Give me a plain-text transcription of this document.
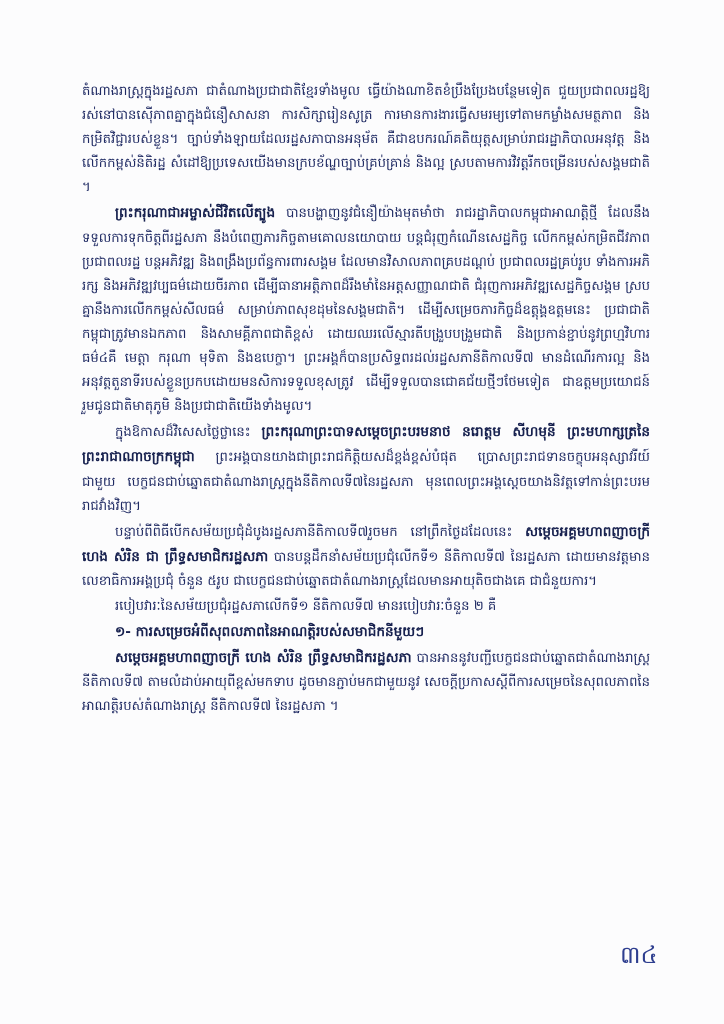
តំណាងរាស្ត្រក្នុងរដ្ឋសភា ជាតំណាងប្រជាជាតិខ្មែរទាំងមូល ធ្វើយ៉ាងណាខិតខំប្រឹងប្រែងបន្ថែមទៀត ជួយប្រជាពលរដ្ឋឱ្យរស់នៅបានស៊ើភាពគ្នាក្នុងជំនឿសាសនា ការសិក្សារៀនសូត្រ ការមានការងារធ្វើសមរម្យទៅតាមកម្លាំងសមត្ថភាព និងកម្រិតវិជ្ជារបស់ខ្លួន។ ច្បាប់ទាំងឡាយដែលរដ្ឋសភាបានអនុម័ត គឺជាឧបករណ៍គតិយុត្តសម្រាប់រាជរដ្ឋាភិបាលអនុវត្ត និងលើកកម្ពស់និតិរដ្ឋ សំដៅឱ្យប្រទេសយើងមានក្របខ័ណ្ឌច្បាប់គ្រប់គ្រាន់ និងល្អ ស្របតាមការវិវត្តរីកចម្រើនរបស់សង្គមជាតិ ។

ព្រះករុណាជាអម្ចាស់ជីវិតលើត្បូង បានបង្ហាញនូវជំនឿយ៉ាងមុតមាំថា រាជរដ្ឋាភិបាលកម្ពុជាអាណត្តិថ្មី ដែលនឹងទទួលការទុកចិត្តពីរដ្ឋសភា នឹងបំពេញភារកិច្ចតាមគោលនយោបាយ បន្តជំរុញកំណើនសេដ្ឋកិច្ច លើកកម្ពស់កម្រិតជីវភាពប្រជាពលរដ្ឋ បន្តអភិវឌ្ឍ និងពង្រឹងប្រព័ន្ធការពារសង្គម ដែលមានវិសាលភាពគ្របដណ្តប់ ប្រជាពលរដ្ឋគ្រប់រូប ទាំងការអភិរក្ស និងអភិវឌ្ឍវប្បធម៌ដោយចីរភាព ដើម្បីធានាអត្តិភាពដ៏រឹងមាំនៃអត្តសញ្ញាណជាតិ ជំរុញការអភិវឌ្ឍសេដ្ឋកិច្ចសង្គម ស្របគ្នានឹងការលើកកម្ពស់សីលធម៌ សម្រាប់ភាពសុខដុមនៃសង្គមជាតិ។ ដើម្បីសម្រេចភារកិច្ចដ៏ឧត្តុង្គឧត្តមនេះ ប្រជាជាតិកម្ពុជាត្រូវមានឯកភាព និងសាមគ្គីភាពជាតិខ្ពស់ ដោយឈរលើស្មារតីបង្រួបបង្រួមជាតិ និងប្រកាន់ខ្ជាប់នូវព្រហ្មវិហារធម៌៤គឺ មេត្តា ករុណា មុទិតា និងឧបេក្ខា។ ព្រះអង្គក៏បានប្រសិទ្ធពរដល់រដ្ឋសភានីតិកាលទី៧ មានដំណើរការល្អ និងអនុវត្តតួនាទីរបស់ខ្លួនប្រកបដោយមនសិការទទួលខុសត្រូវ ដើម្បីទទួលបានជោគជ័យថ្មីៗថែមទៀត ជាឧត្តមប្រយោជន៍រួមជូនជាតិមាតុភូមិ និងប្រជាជាតិយើងទាំងមូល។

ក្នុងឱកាសដ៏វិសេសថ្លៃថ្លានេះ ព្រះករុណាព្រះបាទសម្តេចព្រះបរមនាថ នរោត្តម សីហមុនី ព្រះមហាក្សត្រនៃព្រះរាជាណាចក្រកម្ពុជា ព្រះអង្គបានយាងជាព្រះរាជកិត្តិយសដ៏ខ្ពង់ខ្ពស់បំផុត ប្រោសព្រះរាជទានចក្ខុបអនុស្សាវរីយ៍ជាមួយ បេក្ខជនជាប់ឆ្នោតជាតំណាងរាស្ត្រក្នុងនីតិកាលទី៧នៃរដ្ឋសភា មុនពេលព្រះអង្គស្តេចយាងនិវត្តទៅកាន់ព្រះបរមរាជវាំងវិញ។

បន្ទាប់ពីពិធីបើកសម័យប្រជុំដំបូងរដ្ឋសភានីតិកាលទី៧រួចមក នៅព្រឹកថ្ងៃដដែលនេះ សម្តេចអគ្គមហាពញាចក្រី ហេង សំរិន ជា ព្រឹទ្ធសមាជិករដ្ឋសភា បានបន្តដឹកនាំសម័យប្រជុំលើកទី១ នីតិកាលទី៧ នៃរដ្ឋសភា ដោយមានវត្តមានលេខាធិការអង្គប្រជុំ ចំនួន ៥រូប ជាបេក្ខជនជាប់ឆ្នោតជាតំណាងរាស្ត្រដែលមានអាយុតិចជាងគេ ជាជំនួយការ។

របៀបវារៈនៃសម័យប្រជុំរដ្ឋសភាលើកទី១ នីតិកាលទី៧ មានរបៀបវារៈចំនួន ២ គឺ

១- ការសម្រេចអំពីសុពលភាពនៃអាណត្តិរបស់សមាជិកនីមួយៗ

សម្តេចអគ្គមហាពញាចក្រី ហេង សំរិន ព្រឹទ្ធសមាជិករដ្ឋសភា បានអាននូវបញ្ជីបេក្ខជនជាប់ឆ្នោតជាតំណាងរាស្ត្រ នីតិកាលទី៧ តាមលំដាប់អាយុពីខ្ពស់មកទាប ដូចមានភ្ជាប់មកជាមួយនូវ សេចក្តីប្រកាសស្តីពីការសម្រេចនៃសុពលភាពនៃអាណត្តិរបស់តំណាងរាស្ត្រ នីតិកាលទី៧ នៃរដ្ឋសភា ។

៣៤
